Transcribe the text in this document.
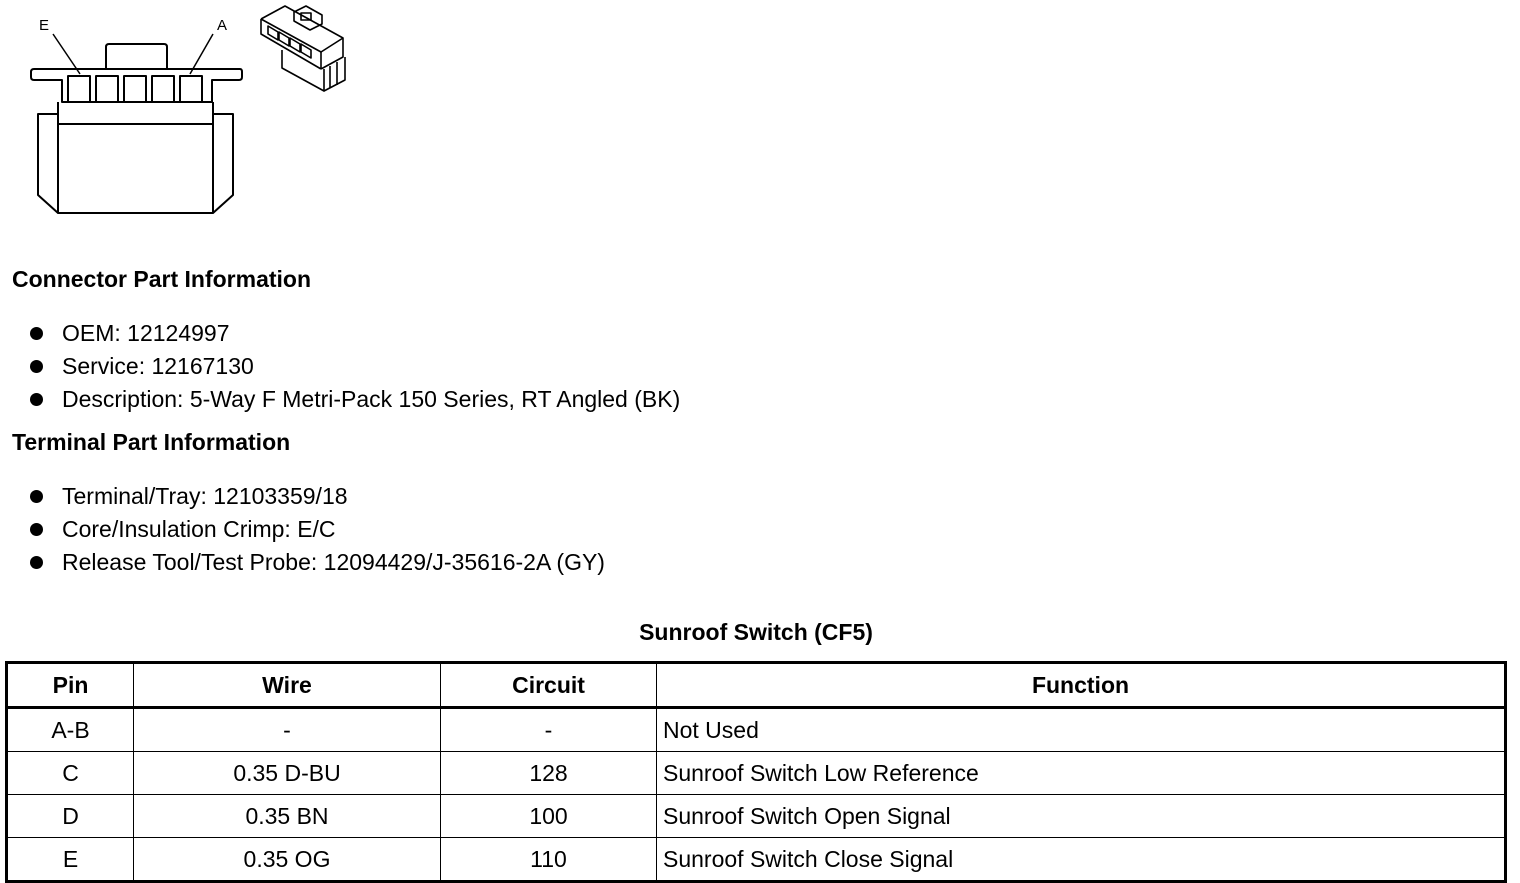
E	A
Connector Part Information
OEM: 12124997
Service: 12167130
Description: 5-Way F Metri-Pack 150 Series, RT Angled (BK)
Terminal Part Information
Terminal/Tray: 12103359/18
Core/Insulation Crimp: E/C
Release Tool/Test Probe: 12094429/J-35616-2A (GY)
Sunroof Switch (CF5)
Pin	Wire	Circuit	Function
A-B	-	-	Not Used
C	0.35 D-BU	128	Sunroof Switch Low Reference
D	0.35 BN	100	Sunroof Switch Open Signal
E	0.35 OG	110	Sunroof Switch Close Signal
